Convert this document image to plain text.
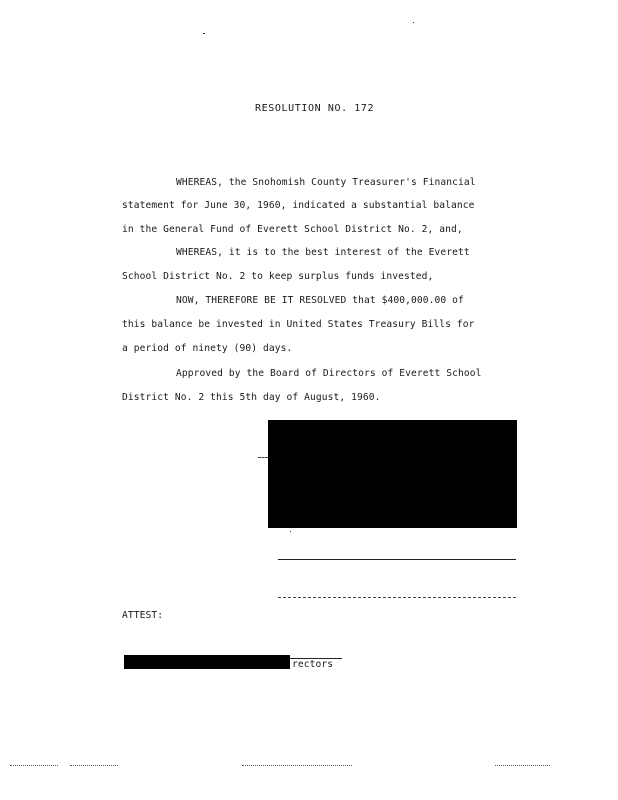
RESOLUTION NO. 172
WHEREAS, the Snohomish County Treasurer's Financial
statement for June 30, 1960, indicated a substantial balance
in the General Fund of Everett School District No. 2, and,
WHEREAS, it is to the best interest of the Everett
School District No. 2 to keep surplus funds invested,
NOW, THEREFORE BE IT RESOLVED that $400,000.00 of
this balance be invested in United States Treasury Bills for
a period of ninety (90) days.
Approved by the Board of Directors of Everett School
District No. 2 this 5th day of August, 1960.
ATTEST:
rectors
